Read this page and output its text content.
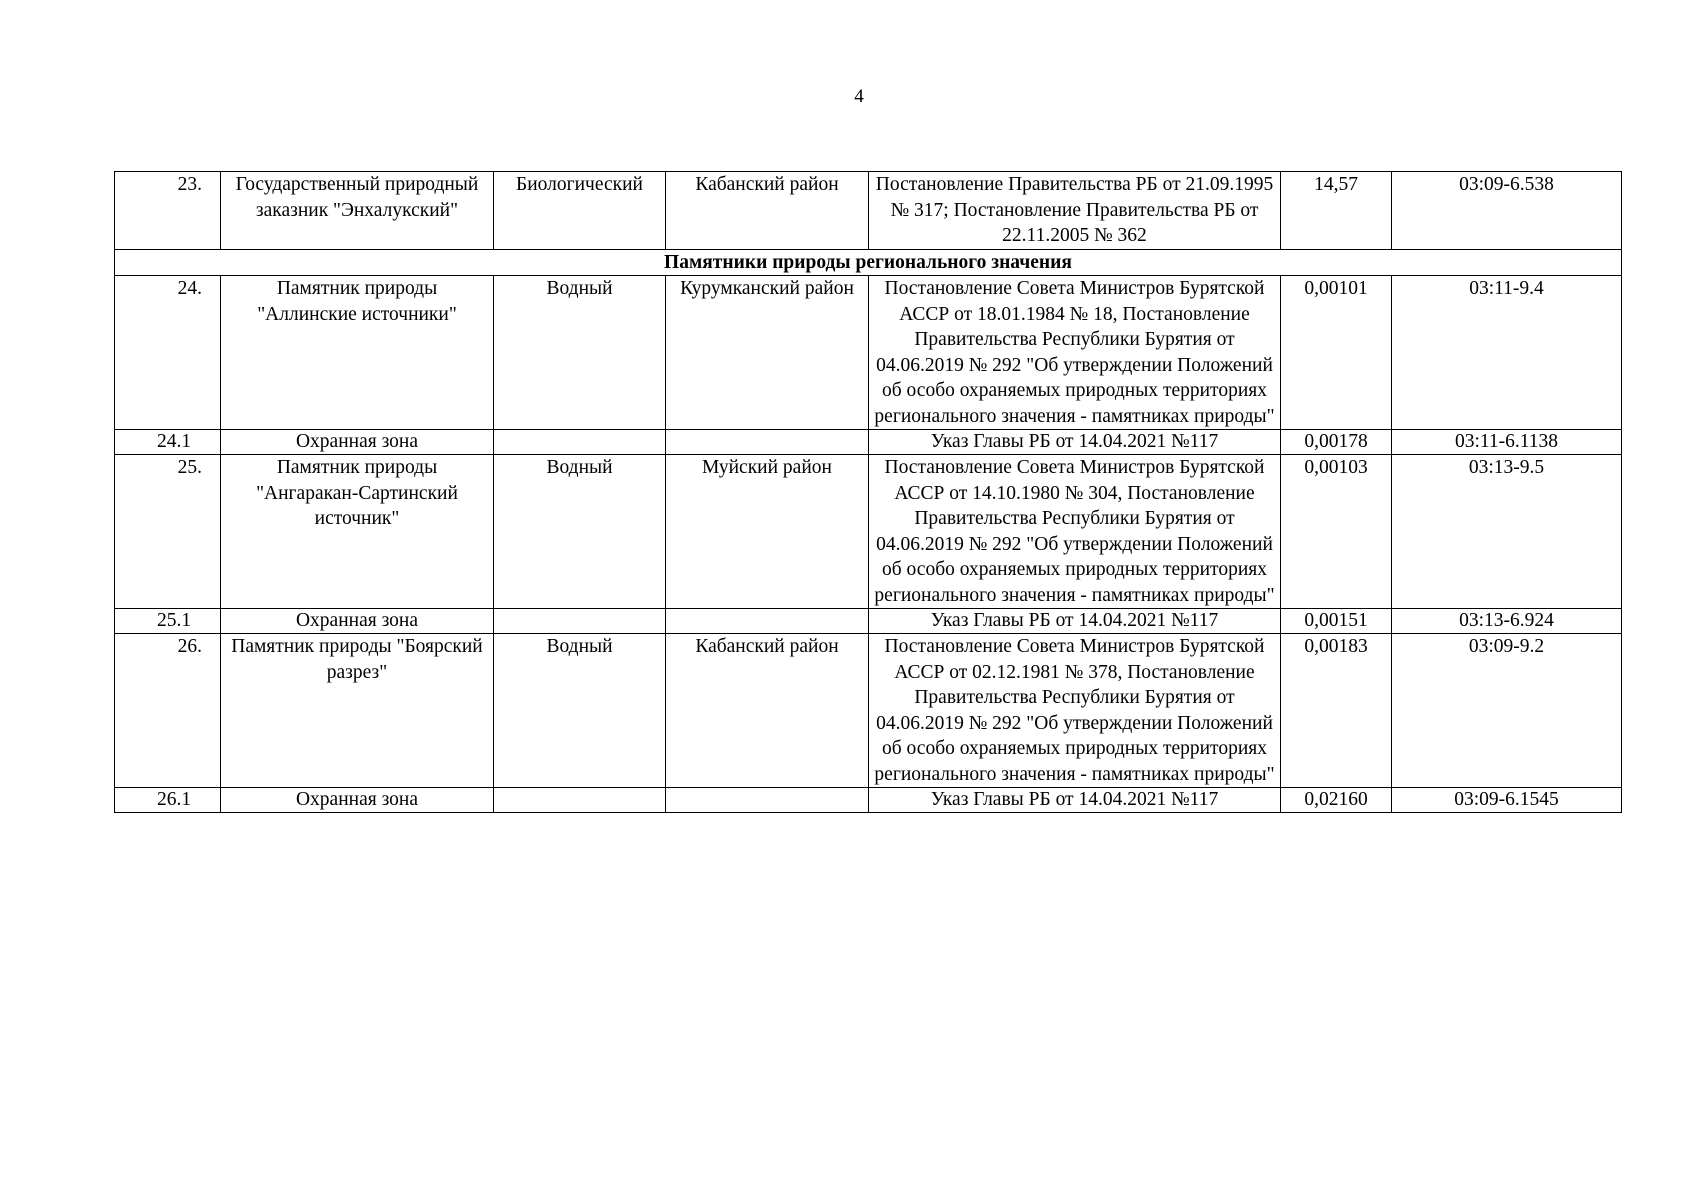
4
23.	Государственный природный заказник "Энхалукский"	Биологический	Кабанский район	Постановление Правительства РБ от 21.09.1995 № 317; Постановление Правительства РБ от 22.11.2005 № 362	14,57	03:09-6.538
Памятники природы регионального значения						
24.	Памятник природы "Аллинские источники"	Водный	Курумканский район	Постановление Совета Министров Бурятской АССР от 18.01.1984 № 18, Постановление Правительства Республики Бурятия от 04.06.2019 № 292 "Об утверждении Положений об особо охраняемых природных территориях регионального значения - памятниках природы"	0,00101	03:11-9.4
24.1	Охранная зона			Указ Главы РБ от 14.04.2021 №117	0,00178	03:11-6.1138
25.	Памятник природы "Ангаракан-Сартинский источник"	Водный	Муйский район	Постановление Совета Министров Бурятской АССР от 14.10.1980 № 304, Постановление Правительства Республики Бурятия от 04.06.2019 № 292 "Об утверждении Положений об особо охраняемых природных территориях регионального значения - памятниках природы"	0,00103	03:13-9.5
25.1	Охранная зона			Указ Главы РБ от 14.04.2021 №117	0,00151	03:13-6.924
26.	Памятник природы "Боярский разрез"	Водный	Кабанский район	Постановление Совета Министров Бурятской АССР от 02.12.1981 № 378, Постановление Правительства Республики Бурятия от 04.06.2019 № 292 "Об утверждении Положений об особо охраняемых природных территориях регионального значения - памятниках природы"	0,00183	03:09-9.2
26.1	Охранная зона			Указ Главы РБ от 14.04.2021 №117	0,02160	03:09-6.1545
